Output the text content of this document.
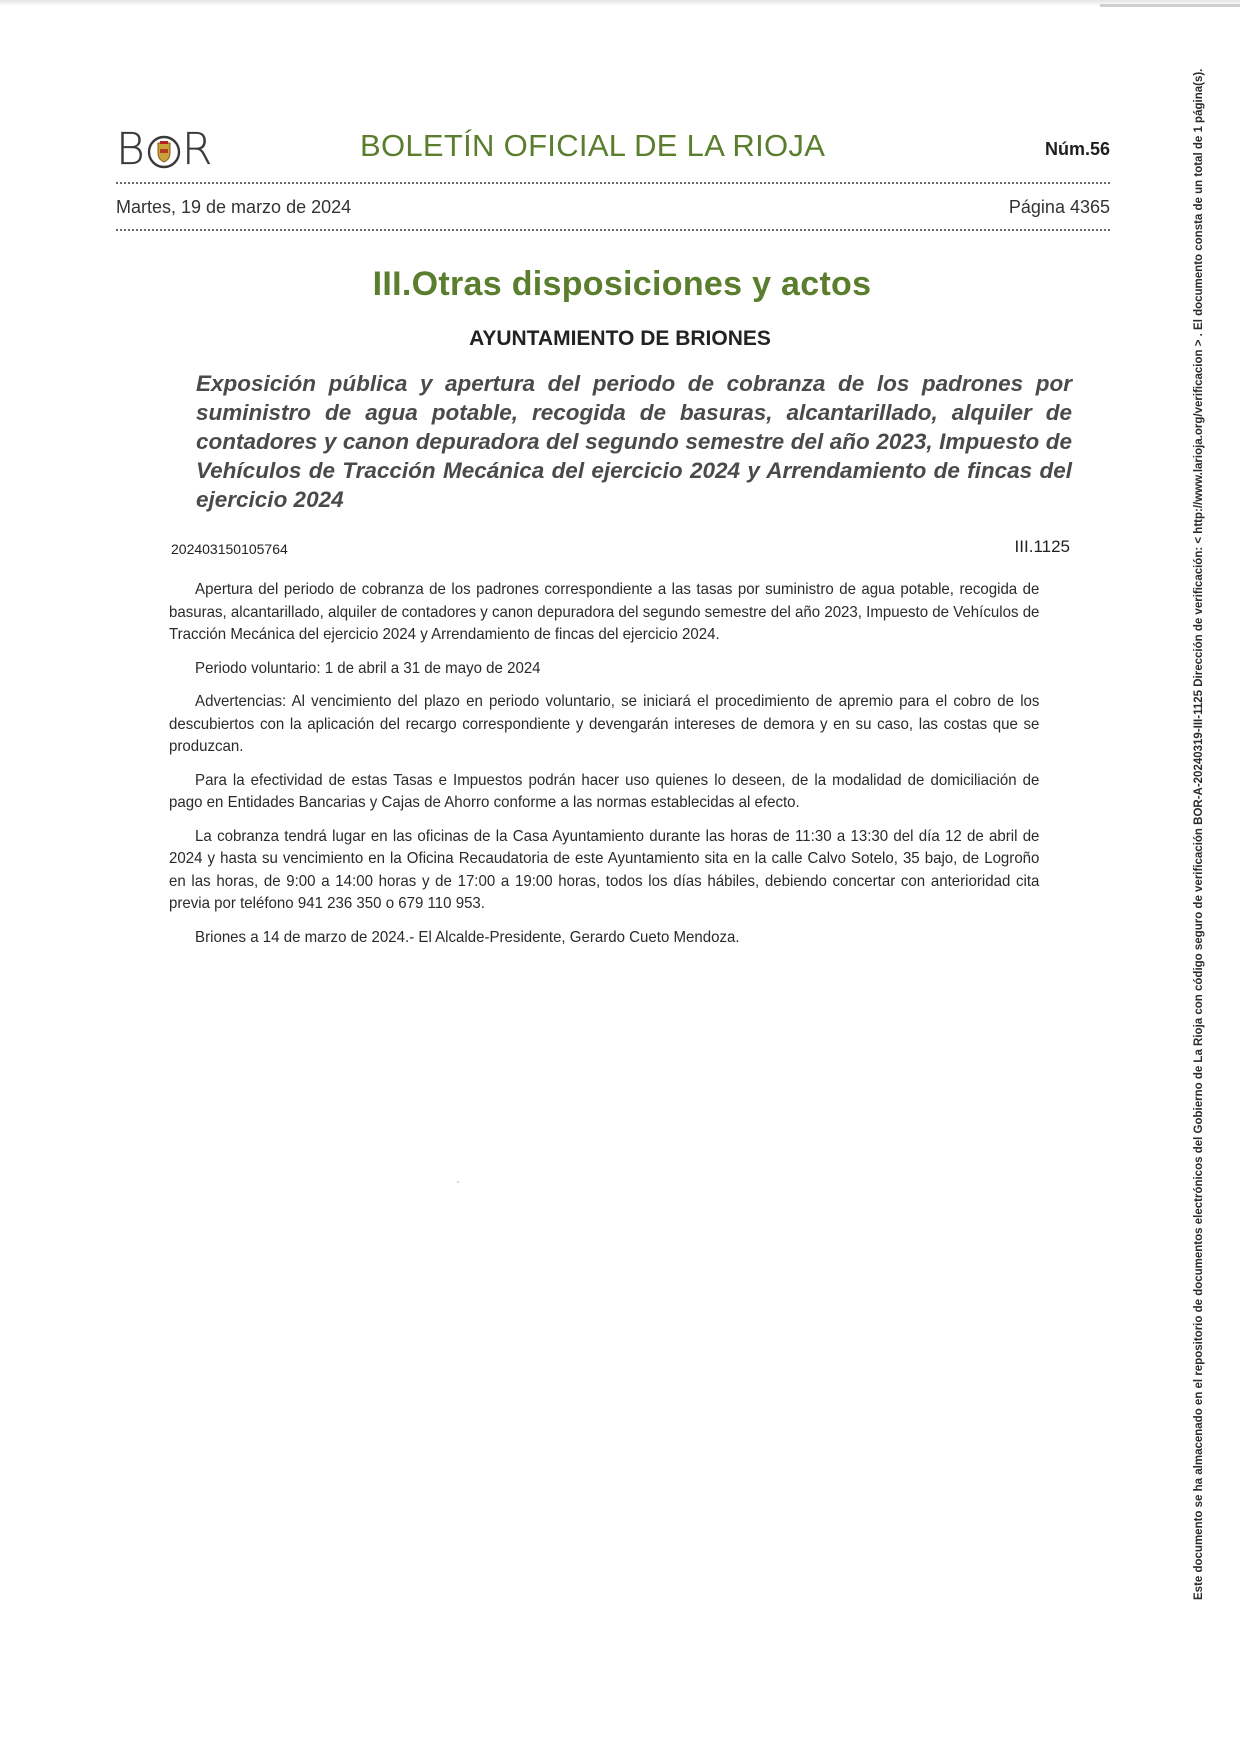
B R	BOLETÍN OFICIAL DE LA RIOJA	Núm.56
Martes, 19 de marzo de 2024	Página 4365
III.Otras disposiciones y actos
AYUNTAMIENTO DE BRIONES
Exposición pública y apertura del periodo de cobranza de los padrones por suministro de agua potable, recogida de basuras, alcantarillado, alquiler de contadores y canon depuradora del segundo semestre del año 2023, Impuesto de Vehículos de Tracción Mecánica del ejercicio 2024 y Arrendamiento de fincas del ejercicio 2024
202403150105764	III.1125

Apertura del periodo de cobranza de los padrones correspondiente a las tasas por suministro de agua potable, recogida de basuras, alcantarillado, alquiler de contadores y canon depuradora del segundo semestre del año 2023, Impuesto de Vehículos de Tracción Mecánica del ejercicio 2024 y Arrendamiento de fincas del ejercicio 2024.

Periodo voluntario: 1 de abril a 31 de mayo de 2024

Advertencias: Al vencimiento del plazo en periodo voluntario, se iniciará el procedimiento de apremio para el cobro de los descubiertos con la aplicación del recargo correspondiente y devengarán intereses de demora y en su caso, las costas que se produzcan.

Para la efectividad de estas Tasas e Impuestos podrán hacer uso quienes lo deseen, de la modalidad de domiciliación de pago en Entidades Bancarias y Cajas de Ahorro conforme a las normas establecidas al efecto.

La cobranza tendrá lugar en las oficinas de la Casa Ayuntamiento durante las horas de 11:30 a 13:30 del día 12 de abril de 2024 y hasta su vencimiento en la Oficina Recaudatoria de este Ayuntamiento sita en la calle Calvo Sotelo, 35 bajo, de Logroño en las horas, de 9:00 a 14:00 horas y de 17:00 a 19:00 horas, todos los días hábiles, debiendo concertar con anterioridad cita previa por teléfono 941 236 350 o 679 110 953.

Briones a 14 de marzo de 2024.- El Alcalde-Presidente, Gerardo Cueto Mendoza.	Este documento se ha almacenado en el repositorio de documentos electrónicos del Gobierno de La Rioja con código seguro de verificación BOR-A-20240319-III-1125 Dirección de verificación: < http://www.larioja.org/verificacion > . El documento consta de un total de 1 página(s).
